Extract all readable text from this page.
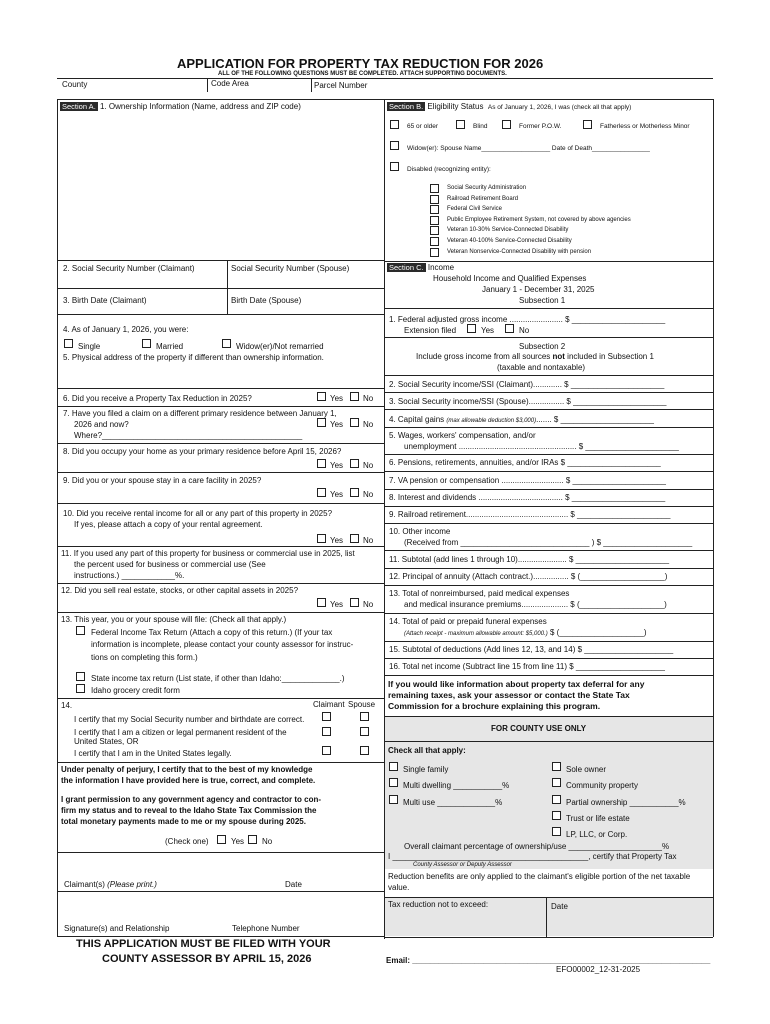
APPLICATION FOR PROPERTY TAX REDUCTION FOR 2026
ALL OF THE FOLLOWING QUESTIONS MUST BE COMPLETED. ATTACH SUPPORTING DOCUMENTS.
County	Code Area	Parcel Number
Section A. 1. Ownership Information (Name, address and ZIP code)
2. Social Security Number (Claimant)	Social Security Number (Spouse)
3. Birth Date (Claimant)	Birth Date (Spouse)
4. As of January 1, 2026, you were:
Single	Married	Widow(er)/Not remarried
5. Physical address of the property if different than ownership information.
6. Did you receive a Property Tax Reduction in 2025?	Yes No
7. Have you filed a claim on a different primary residence between January 1,
2026 and now?
Where?_____________________________________________
Yes No
8. Did you occupy your home as your primary residence before April 15, 2026?
Yes No
9. Did you or your spouse stay in a care facility in 2025?
Yes No
10. Did you receive rental income for all or any part of this property in 2025?
If yes, please attach a copy of your rental agreement.
Yes No
11. If you used any part of this property for business or commercial use in 2025, list
the percent used for business or commercial use (See
instructions.) ____________%.
12. Did you sell real estate, stocks, or other capital assets in 2025?
Yes No
13. This year, you or your spouse will file: (Check all that apply.)
Federal Income Tax Return (Attach a copy of this return.) (If your tax
information is incomplete, please contact your county assessor for instruc-
tions on completing this form.)
State income tax return (List state, if other than Idaho:_____________.)
Idaho grocery credit form
14.	Claimant Spouse
I certify that my Social Security number and birthdate are correct.
I certify that I am a citizen or legal permanent resident of the
United States, OR
I certify that I am in the United States legally.
Under penalty of perjury, I certify that to the best of my knowledge
the information I have provided here is true, correct, and complete.
I grant permission to any government agency and contractor to con-
firm my status and to reveal to the Idaho State Tax Commission the
total monetary payments made to me or my spouse during 2025.
(Check one)	Yes No
Claimant(s) (Please print.)	Date
Signature(s) and Relationship	Telephone Number
THIS APPLICATION MUST BE FILED WITH YOUR
COUNTY ASSESSOR BY APRIL 15, 2026
Section B. Eligibility Status As of January 1, 2026, I was (check all that apply)
65 or older	Blind	Former P.O.W.	Fatherless or Motherless Minor
Widow(er): Spouse Name___________________ Date of Death________________
Disabled (recognizing entity):
Social Security Administration
Railroad Retirement Board
Federal Civil Service
Public Employee Retirement System, not covered by above agencies
Veteran 10-30% Service-Connected Disability
Veteran 40-100% Service-Connected Disability
Veteran Nonservice-Connected Disability with pension
Section C. Income
Household Income and Qualified Expenses
January 1 - December 31, 2025
Subsection 1
1. Federal adjusted gross income ........................ $ _____________________
Extension filed	Yes	No
Subsection 2
Include gross income from all sources not included in Subsection 1
(taxable and nontaxable)
2. Social Security income/SSI (Claimant)............. $ _____________________
3. Social Security income/SSI (Spouse)................ $ _____________________
4. Capital gains (max allowable deduction $3,000)....... $ _____________________
5. Wages, workers' compensation, and/or
unemployment ..................................................... $ _____________________
6. Pensions, retirements, annuities, and/or IRAs $ _____________________
7. VA pension or compensation ............................ $ _____________________
8. Interest and dividends ...................................... $ _____________________
9. Railroad retirement.............................................. $ _____________________
10. Other income
(Received from _____________________________ ) $ ____________________
11. Subtotal (add lines 1 through 10)...................... $ _____________________
12. Principal of annuity (Attach contract.)................ $ (___________________)
13. Total of nonreimbursed, paid medical expenses
and medical insurance premiums..................... $ (___________________)
14. Total of paid or prepaid funeral expenses
(Attach receipt - maximum allowable amount: $5,000.) $ (___________________)
15. Subtotal of deductions (Add lines 12, 13, and 14) $ ____________________
16. Total net income (Subtract line 15 from line 11) $ ____________________
If you would like information about property tax deferral for any
remaining taxes, ask your assessor or contact the State Tax
Commission for a brochure explaining this program.
FOR COUNTY USE ONLY
Check all that apply:
Single family	Sole owner
Multi dwelling ___________%	Community property
Multi use _____________%	Partial ownership ___________%
Trust or life estate
LP, LLC, or Corp.
Overall claimant percentage of ownership/use _____________________%
I ____________________________________________, certify that Property Tax
County Assessor or Deputy Assessor
Reduction benefits are only applied to the claimant's eligible portion of the net taxable
value.
Tax reduction not to exceed:	Date
Email: ___________________________________________________________________
EFO00002_12-31-2025
